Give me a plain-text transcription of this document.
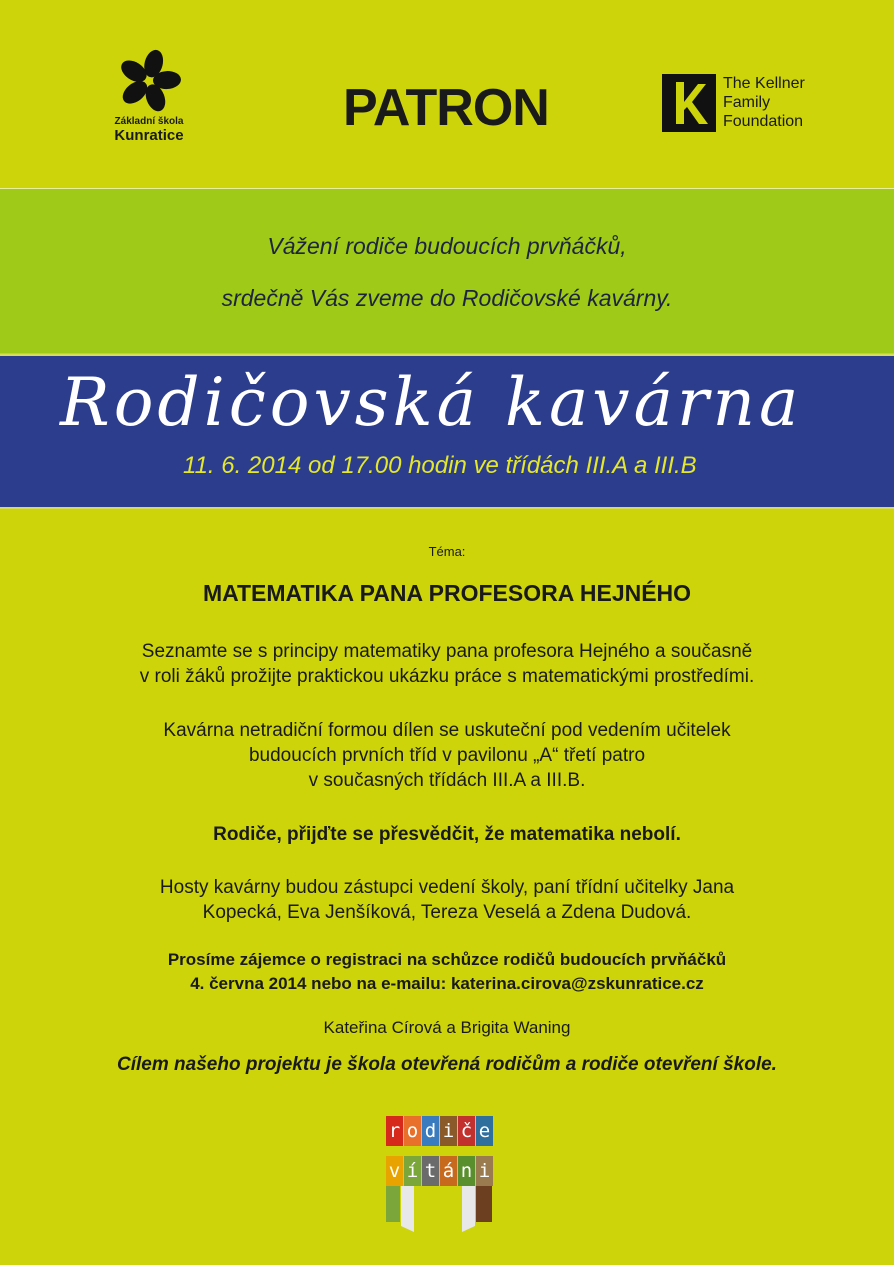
Základní škola
Kunratice	PATRON	The Kellner
Family
Foundation
Vážení rodiče budoucích prvňáčků,
srdečně Vás zveme do Rodičovské kavárny.
Rodičovská kavárna
11. 6. 2014 od 17.00 hodin ve třídách III.A a III.B
Téma:
MATEMATIKA PANA PROFESORA HEJNÉHO
Seznamte se s principy matematiky pana profesora Hejného a současně
v roli žáků prožijte praktickou ukázku práce s matematickými prostředími.
Kavárna netradiční formou dílen se uskuteční pod vedením učitelek
budoucích prvních tříd v pavilonu „A“ třetí patro
v současných třídách III.A a III.B.
Rodiče, přijďte se přesvědčit, že matematika nebolí.
Hosty kavárny budou zástupci vedení školy, paní třídní učitelky Jana
Kopecká, Eva Jenšíková, Tereza Veselá a Zdena Dudová.
Prosíme zájemce o registraci na schůzce rodičů budoucích prvňáčků
4. června 2014 nebo na e-mailu: katerina.cirova@zskunratice.cz
Kateřina Círová a Brigita Waning
Cílem našeho projektu je škola otevřená rodičům a rodiče otevření škole.
r o d i č e
v í t á n i
